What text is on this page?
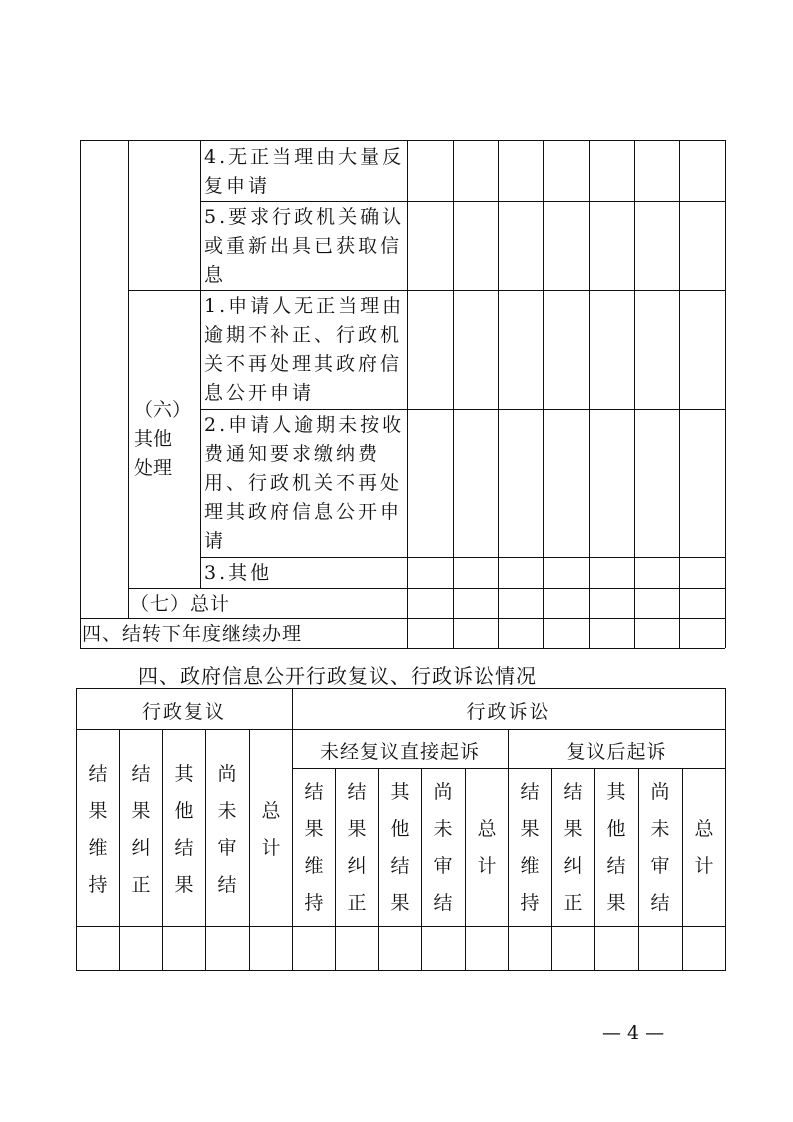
4.无正当理由大量反
复申请
5.要求行政机关确认
或重新出具已获取信
息
1.申请人无正当理由
逾期不补正、行政机
关不再处理其政府信
息公开申请
2.申请人逾期未按收
费通知要求缴纳费
用、行政机关不再处
理其政府信息公开申
请
3.其他
（六）
其他
处理
（七）总计
四、结转下年度继续办理
四、政府信息公开行政复议、行政诉讼情况
行政复议	行政诉讼
未经复议直接起诉	复议后起诉
结
果
维
持
结
果
纠
正
其
他
结
果
尚
未
审
结
总
计
结
果
维
持
结
果
纠
正
其
他
结
果
尚
未
审
结
总
计
结
果
维
持
结
果
纠
正
其
他
结
果
尚
未
审
结
总
计
— 4 —
